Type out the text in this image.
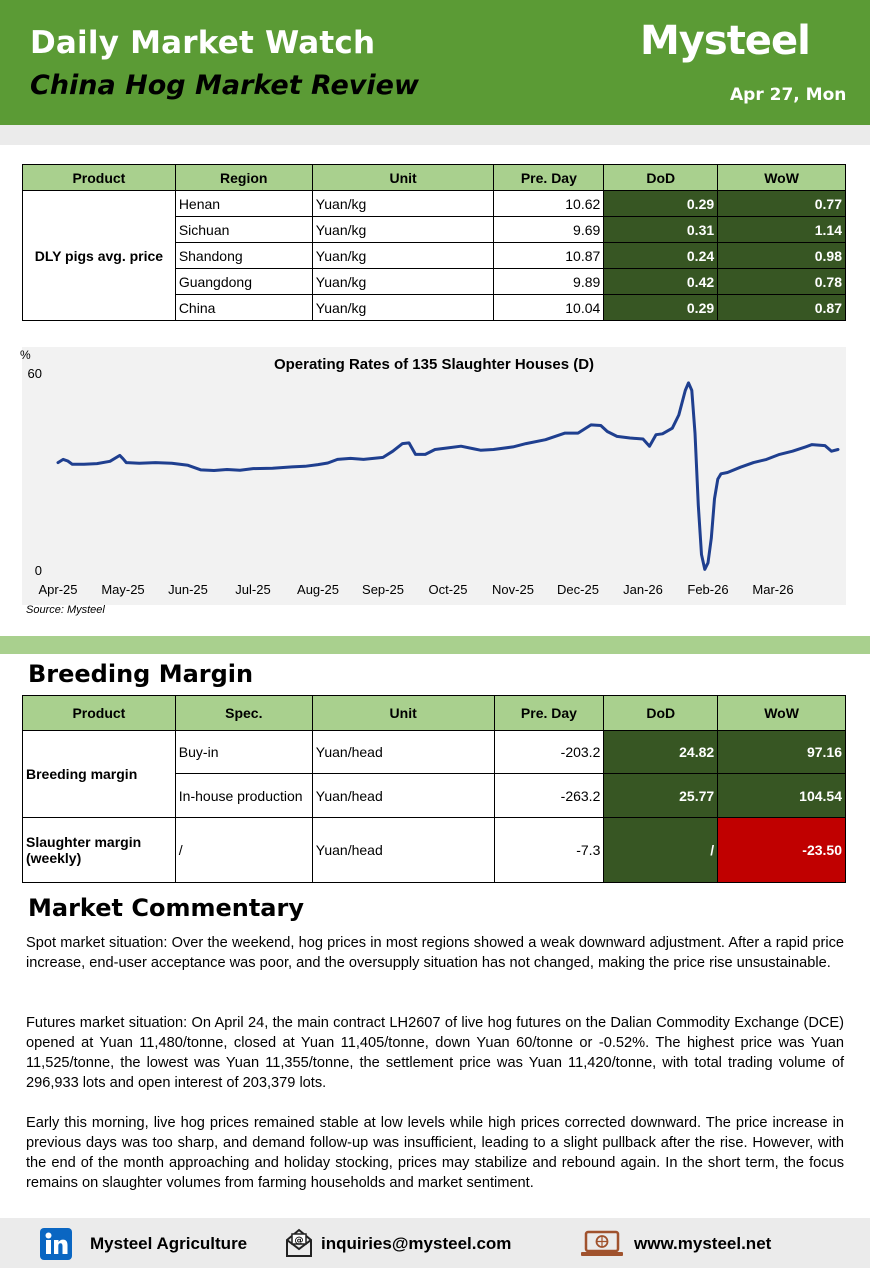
Daily Market Watch
China Hog Market Review
Mysteel
Apr 27, Mon
Product	Region	Unit	Pre. Day	DoD	WoW
DLY pigs avg. price	Henan	Yuan/kg	10.62	0.29	0.77
	Sichuan	Yuan/kg	9.69	0.31	1.14
	Shandong	Yuan/kg	10.87	0.24	0.98
	Guangdong	Yuan/kg	9.89	0.42	0.78
	China	Yuan/kg	10.04	0.29	0.87
Operating Rates of 135 Slaughter Houses (D)
%
60
0
Apr-25 May-25 Jun-25 Jul-25 Aug-25 Sep-25 Oct-25 Nov-25 Dec-25 Jan-26 Feb-26 Mar-26
Source: Mysteel
Breeding Margin
Product	Spec.	Unit	Pre. Day	DoD	WoW
Breeding margin	Buy-in	Yuan/head	-203.2	24.82	97.16
	In-house production	Yuan/head	-263.2	25.77	104.54
Slaughter margin (weekly)	/	Yuan/head	-7.3	/	-23.50
Market Commentary
Spot market situation: Over the weekend, hog prices in most regions showed a weak downward adjustment. After a rapid price increase, end-user acceptance was poor, and the oversupply situation has not changed, making the price rise unsustainable.
Futures market situation: On April 24, the main contract LH2607 of live hog futures on the Dalian Commodity Exchange (DCE) opened at Yuan 11,480/tonne, closed at Yuan 11,405/tonne, down Yuan 60/tonne or -0.52%. The highest price was Yuan 11,525/tonne, the lowest was Yuan 11,355/tonne, the settlement price was Yuan 11,420/tonne, with total trading volume of 296,933 lots and open interest of 203,379 lots.
Early this morning, live hog prices remained stable at low levels while high prices corrected downward. The price increase in previous days was too sharp, and demand follow-up was insufficient, leading to a slight pullback after the rise. However, with the end of the month approaching and holiday stocking, prices may stabilize and rebound again. In the short term, the focus remains on slaughter volumes from farming households and market sentiment.
Mysteel Agriculture	@ inquiries@mysteel.com	www.mysteel.net
